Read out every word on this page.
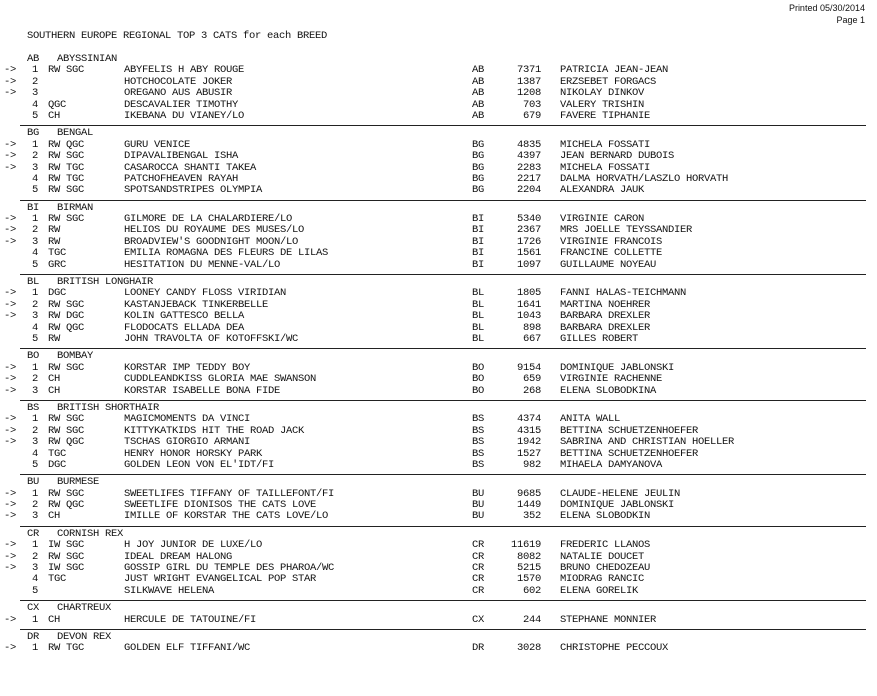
Printed 05/30/2014
Page 1
SOUTHERN EUROPE REGIONAL TOP 3 CATS for each BREED
AB ABYSSINIAN
-> 1 RW SGC	ABYFELIS H ABY ROUGE	AB	7371 PATRICIA JEAN-JEAN
-> 2	HOTCHOCOLATE JOKER	AB	1387 ERZSEBET FORGACS
-> 3	OREGANO AUS ABUSIR	AB	1208 NIKOLAY DINKOV
4 QGC	DESCAVALIER TIMOTHY	AB	703 VALERY TRISHIN
5 CH	IKEBANA DU VIANEY/LO	AB	679 FAVERE TIPHANIE
BG BENGAL
-> 1 RW QGC	GURU VENICE	BG	4835 MICHELA FOSSATI
-> 2 RW SGC	DIPAVALIBENGAL ISHA	BG	4397 JEAN BERNARD DUBOIS
-> 3 RW TGC	CASAROCCA SHANTI TAKEA	BG	2283 MICHELA FOSSATI
4 RW TGC	PATCHOFHEAVEN RAYAH	BG	2217 DALMA HORVATH/LASZLO HORVATH
5 RW SGC	SPOTSANDSTRIPES OLYMPIA	BG	2204 ALEXANDRA JAUK
BI BIRMAN
-> 1 RW SGC	GILMORE DE LA CHALARDIERE/LO	BI	5340 VIRGINIE CARON
-> 2 RW	HELIOS DU ROYAUME DES MUSES/LO	BI	2367 MRS JOELLE TEYSSANDIER
-> 3 RW	BROADVIEW'S GOODNIGHT MOON/LO	BI	1726 VIRGINIE FRANCOIS
4 TGC	EMILIA ROMAGNA DES FLEURS DE LILAS	BI	1561 FRANCINE COLLETTE
5 GRC	HESITATION DU MENNE-VAL/LO	BI	1097 GUILLAUME NOYEAU
BL BRITISH LONGHAIR
-> 1 DGC	LOONEY CANDY FLOSS VIRIDIAN	BL	1805 FANNI HALAS-TEICHMANN
-> 2 RW SGC	KASTANJEBACK TINKERBELLE	BL	1641 MARTINA NOEHRER
-> 3 RW DGC	KOLIN GATTESCO BELLA	BL	1043 BARBARA DREXLER
4 RW QGC	FLODOCATS ELLADA DEA	BL	898 BARBARA DREXLER
5 RW	JOHN TRAVOLTA OF KOTOFFSKI/WC	BL	667 GILLES ROBERT
BO BOMBAY
-> 1 RW SGC	KORSTAR IMP TEDDY BOY	BO	9154 DOMINIQUE JABLONSKI
-> 2 CH	CUDDLEANDKISS GLORIA MAE SWANSON	BO	659 VIRGINIE RACHENNE
-> 3 CH	KORSTAR ISABELLE BONA FIDE	BO	268 ELENA SLOBODKINA
BS BRITISH SHORTHAIR
-> 1 RW SGC	MAGICMOMENTS DA VINCI	BS	4374 ANITA WALL
-> 2 RW SGC	KITTYKATKIDS HIT THE ROAD JACK	BS	4315 BETTINA SCHUETZENHOEFER
-> 3 RW QGC	TSCHAS GIORGIO ARMANI	BS	1942 SABRINA AND CHRISTIAN HOELLER
4 TGC	HENRY HONOR HORSKY PARK	BS	1527 BETTINA SCHUETZENHOEFER
5 DGC	GOLDEN LEON VON EL'IDT/FI	BS	982 MIHAELA DAMYANOVA
BU BURMESE
-> 1 RW SGC	SWEETLIFES TIFFANY OF TAILLEFONT/FI	BU	9685 CLAUDE-HELENE JEULIN
-> 2 RW QGC	SWEETLIFE DIONISOS THE CATS LOVE	BU	1449 DOMINIQUE JABLONSKI
-> 3 CH	IMILLE OF KORSTAR THE CATS LOVE/LO	BU	352 ELENA SLOBODKIN
CR CORNISH REX
-> 1 IW SGC	H JOY JUNIOR DE LUXE/LO	CR	11619 FREDERIC LLANOS
-> 2 RW SGC	IDEAL DREAM HALONG	CR	8082 NATALIE DOUCET
-> 3 IW SGC	GOSSIP GIRL DU TEMPLE DES PHAROA/WC	CR	5215 BRUNO CHEDOZEAU
4 TGC	JUST WRIGHT EVANGELICAL POP STAR	CR	1570 MIODRAG RANCIC
5	SILKWAVE HELENA	CR	602 ELENA GORELIK
CX CHARTREUX
-> 1 CH	HERCULE DE TATOUINE/FI	CX	244 STEPHANE MONNIER
DR DEVON REX
-> 1 RW TGC	GOLDEN ELF TIFFANI/WC	DR	3028 CHRISTOPHE PECCOUX
